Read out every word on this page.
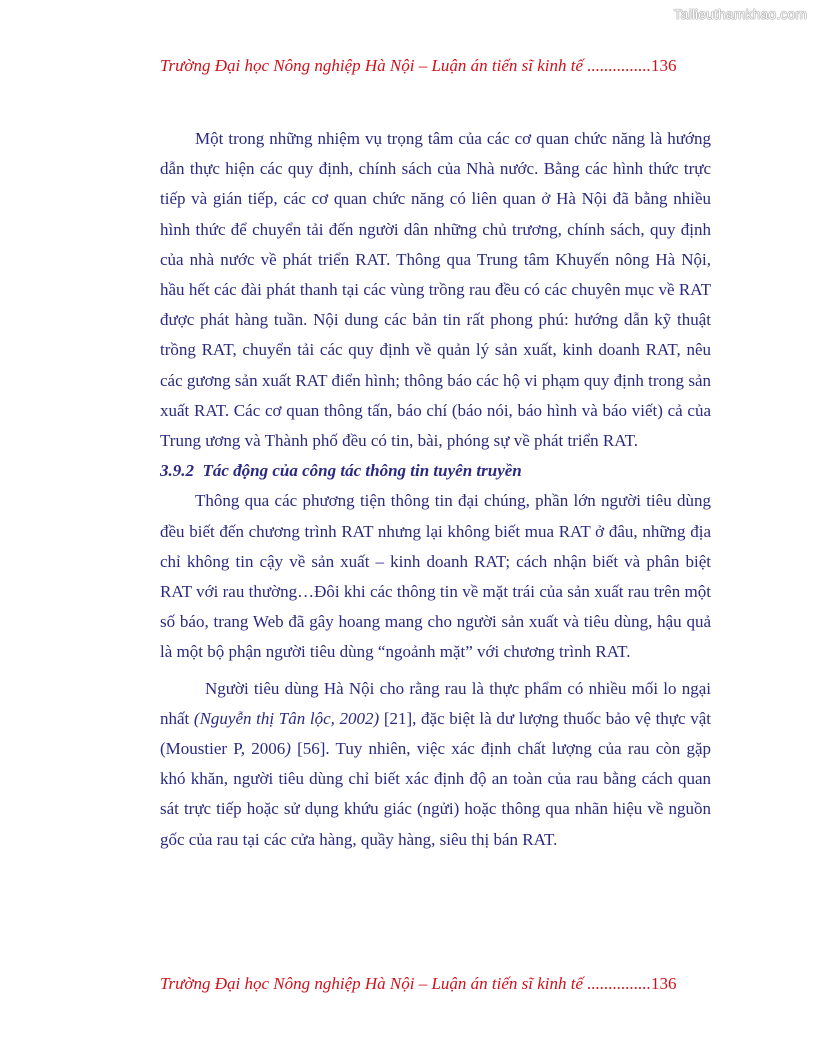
Tailieuthamkhao.com
Trường Đại học Nông nghiệp Hà Nội – Luận án tiến sĩ kinh tế ...............136

Một trong những nhiệm vụ trọng tâm của các cơ quan chức năng là hướng dẫn thực hiện các quy định, chính sách của Nhà nước. Bằng các hình thức trực tiếp và gián tiếp, các cơ quan chức năng có liên quan ở Hà Nội đã bằng nhiều hình thức để chuyển tải đến người dân những chủ trương, chính sách, quy định của nhà nước về phát triển RAT. Thông qua Trung tâm Khuyến nông Hà Nội, hầu hết các đài phát thanh tại các vùng trồng rau đều có các chuyên mục về RAT được phát hàng tuần. Nội dung các bản tin rất phong phú: hướng dẫn kỹ thuật trồng RAT, chuyển tải các quy định về quản lý sản xuất, kinh doanh RAT, nêu các gương sản xuất RAT điển hình; thông báo các hộ vi phạm quy định trong sản xuất RAT. Các cơ quan thông tấn, báo chí (báo nói, báo hình và báo viết) cả của Trung ương và Thành phố đều có tin, bài, phóng sự về phát triển RAT.

3.9.2 Tác động của công tác thông tin tuyên truyền

Thông qua các phương tiện thông tin đại chúng, phần lớn người tiêu dùng đều biết đến chương trình RAT nhưng lại không biết mua RAT ở đâu, những địa chỉ không tin cậy về sản xuất – kinh doanh RAT; cách nhận biết và phân biệt RAT với rau thường…Đôi khi các thông tin về mặt trái của sản xuất rau trên một số báo, trang Web đã gây hoang mang cho người sản xuất và tiêu dùng, hậu quả là một bộ phận người tiêu dùng “ngoảnh mặt” với chương trình RAT.

Người tiêu dùng Hà Nội cho rằng rau là thực phẩm có nhiều mối lo ngại nhất (Nguyễn thị Tân lộc, 2002) [21], đặc biệt là dư lượng thuốc bảo vệ thực vật (Moustier P, 2006) [56]. Tuy nhiên, việc xác định chất lượng của rau còn gặp khó khăn, người tiêu dùng chỉ biết xác định độ an toàn của rau bằng cách quan sát trực tiếp hoặc sử dụng khứu giác (ngửi) hoặc thông qua nhãn hiệu về nguồn gốc của rau tại các cửa hàng, quầy hàng, siêu thị bán RAT.

Trường Đại học Nông nghiệp Hà Nội – Luận án tiến sĩ kinh tế ...............136
